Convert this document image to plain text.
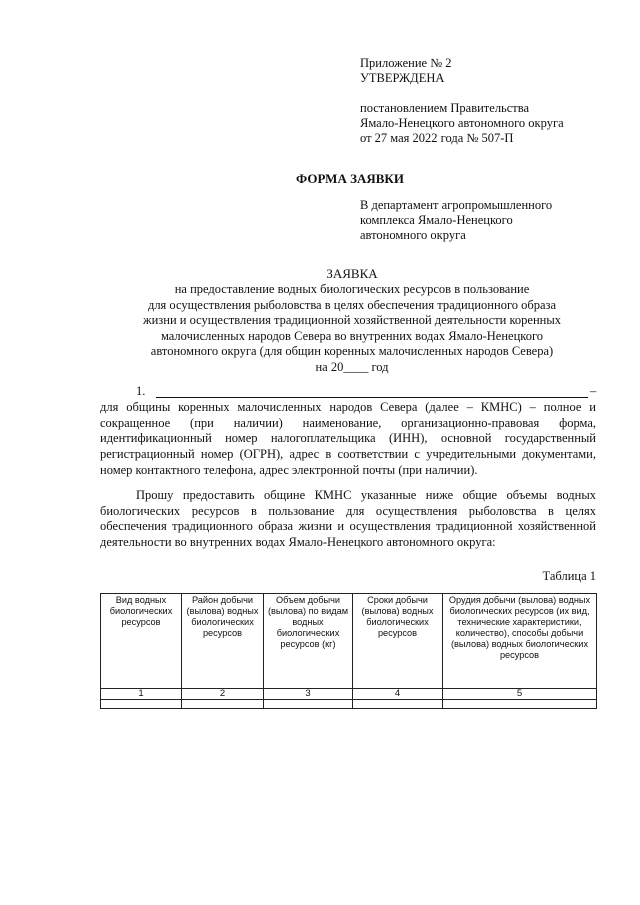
Приложение № 2
УТВЕРЖДЕНА
постановлением Правительства
Ямало-Ненецкого автономного округа
от 27 мая 2022 года № 507-П
ФОРМА ЗАЯВКИ
В департамент агропромышленного
комплекса Ямало-Ненецкого
автономного округа
ЗАЯВКА
на предоставление водных биологических ресурсов в пользование
для осуществления рыболовства в целях обеспечения традиционного образа
жизни и осуществления традиционной хозяйственной деятельности коренных
малочисленных народов Севера во внутренних водах Ямало-Ненецкого
автономного округа (для общин коренных малочисленных народов Севера)
на 20____ год
1.	–
для общины коренных малочисленных народов Севера (далее – КМНС) – полное и сокращенное (при наличии) наименование, организационно-правовая форма, идентификационный номер налогоплательщика (ИНН), основной государственный регистрационный номер (ОГРН), адрес в соответствии с учредительными документами, номер контактного телефона, адрес электронной почты (при наличии).
Прошу предоставить общине КМНС указанные ниже общие объемы водных биологических ресурсов в пользование для осуществления рыболовства в целях обеспечения традиционного образа жизни и осуществления традиционной хозяйственной деятельности во внутренних водах Ямало-Ненецкого автономного округа:
Таблица 1
Вид водных биологических ресурсов	Район добычи (вылова) водных биологических ресурсов	Объем добычи (вылова) по видам водных биологических ресурсов (кг)	Сроки добычи (вылова) водных биологических ресурсов	Орудия добычи (вылова) водных биологических ресурсов (их вид, технические характеристики, количество), способы добычи (вылова) водных биологических ресурсов
1	2	3	4	5
